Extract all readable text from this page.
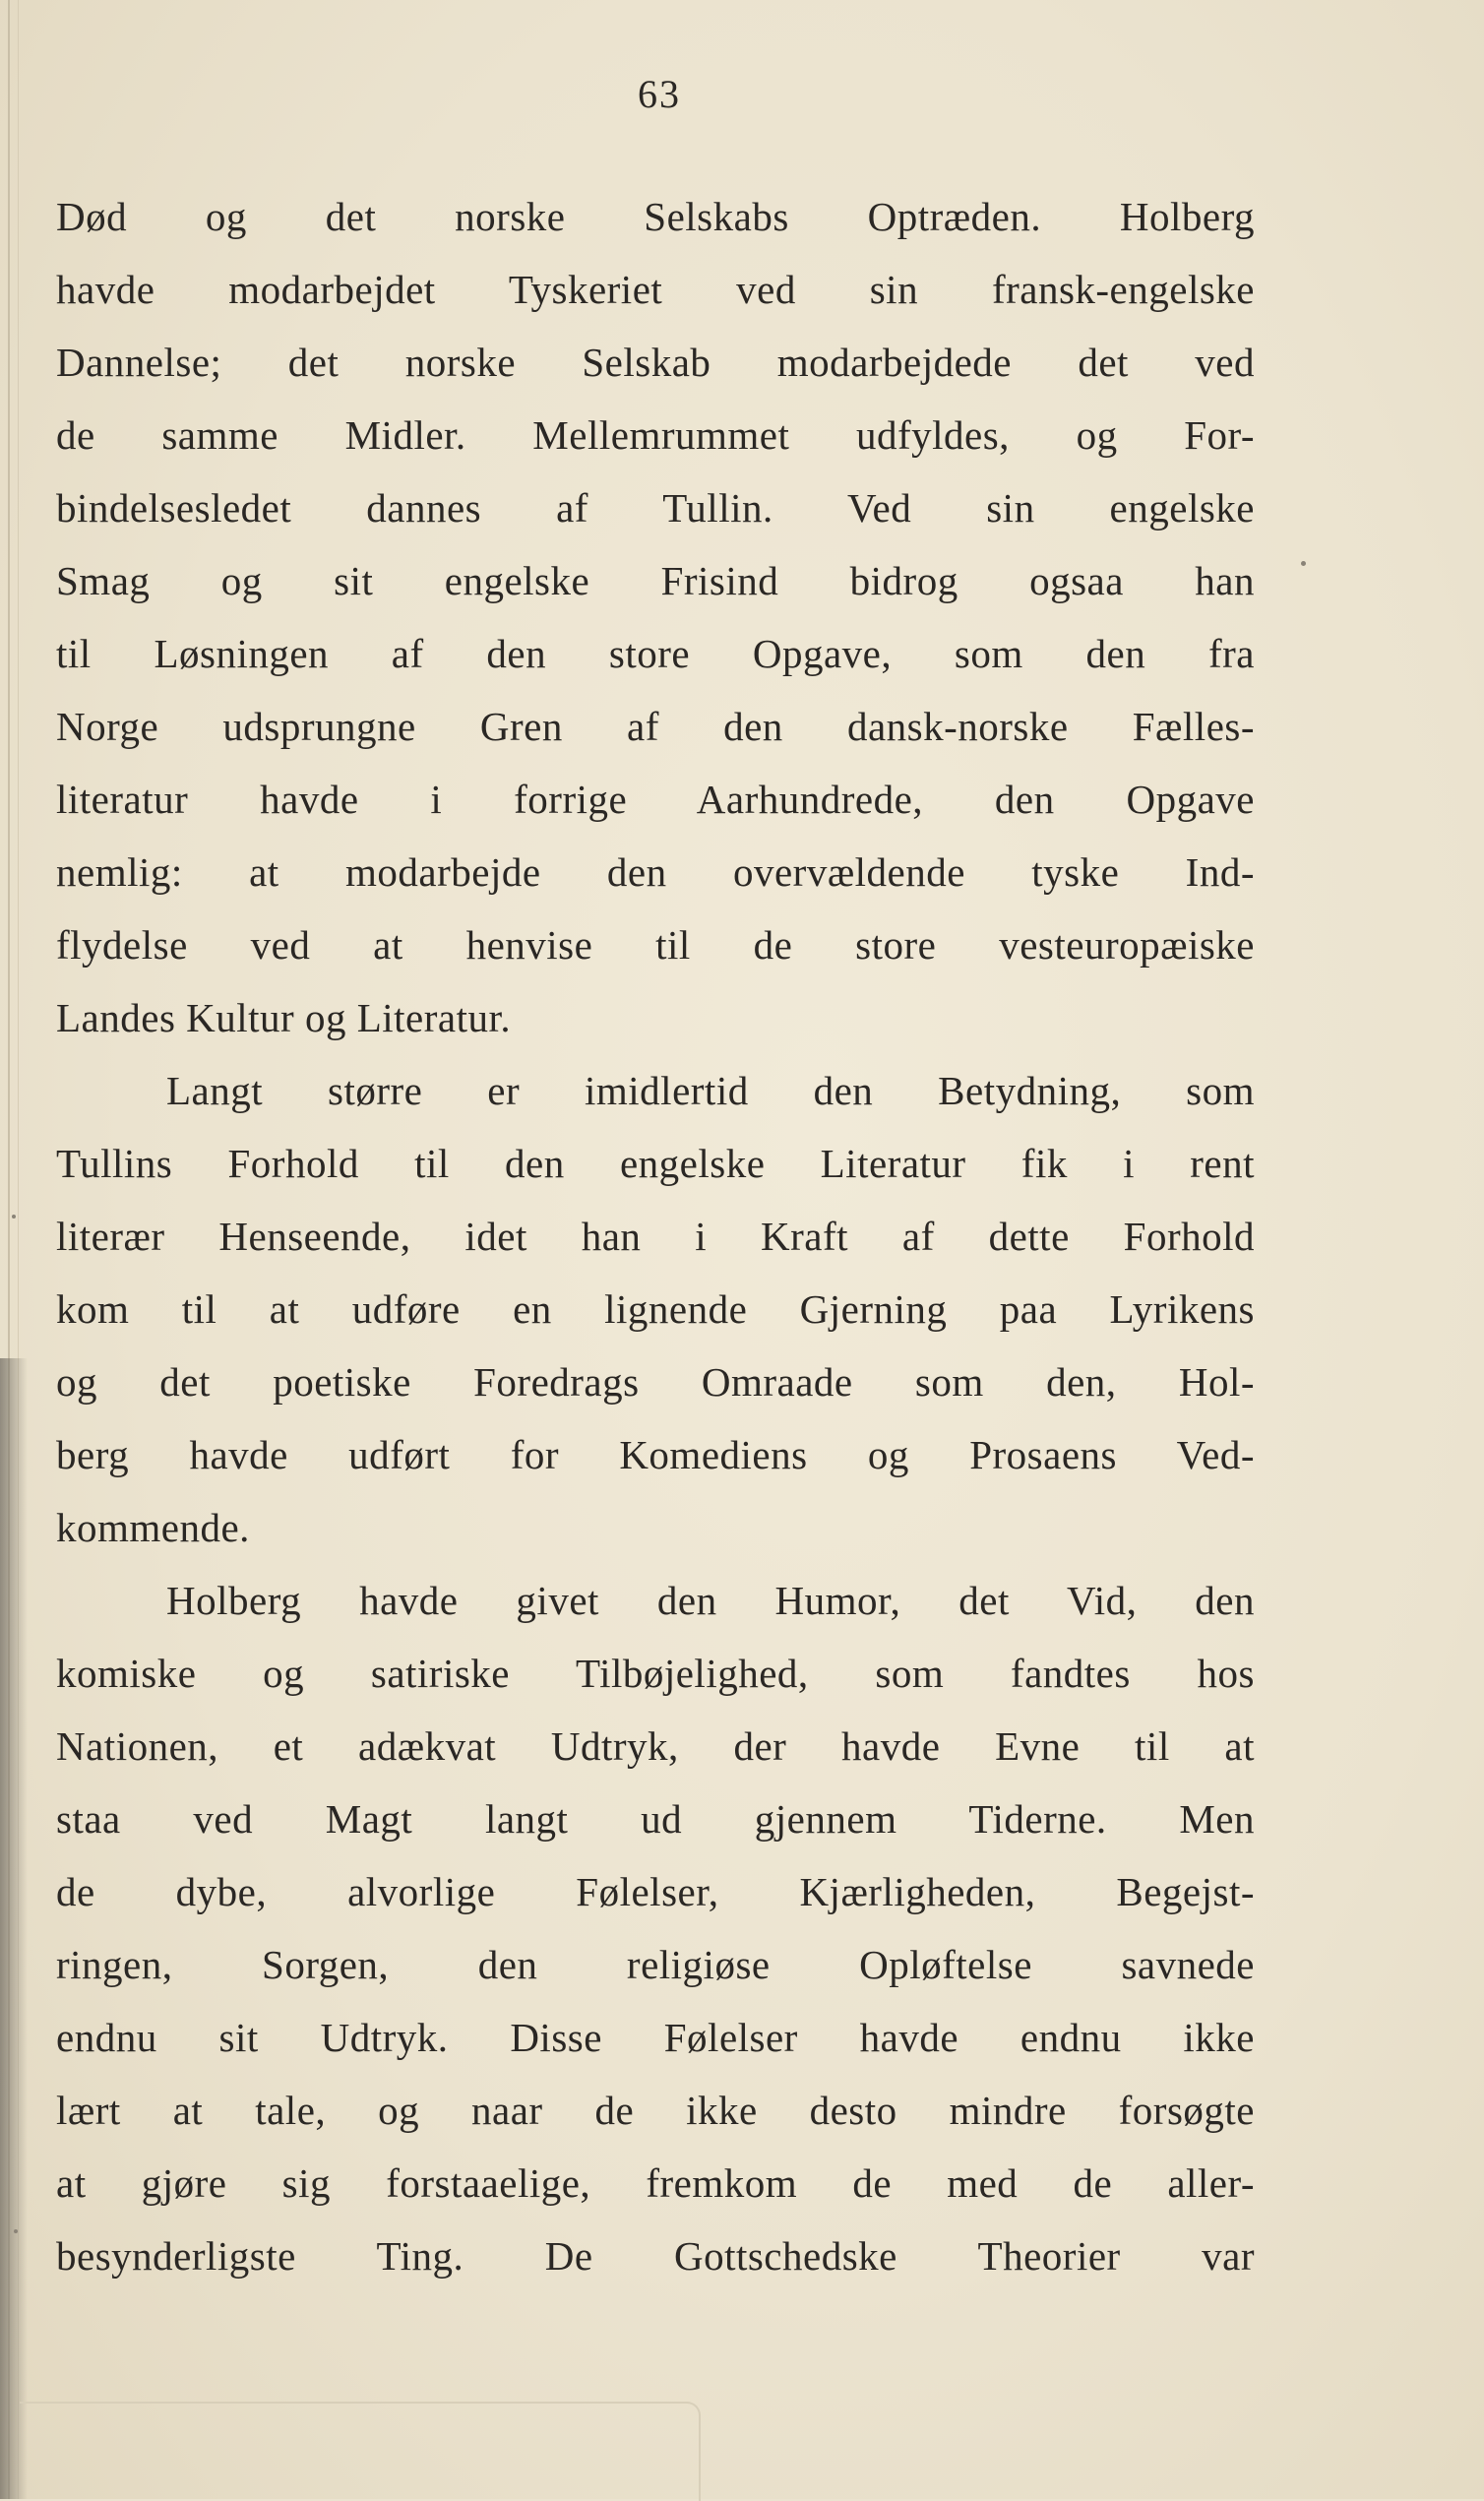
63
Død og det norske Selskabs Optræden. Holberg
havde modarbejdet Tyskeriet ved sin fransk-engelske
Dannelse; det norske Selskab modarbejdede det ved
de samme Midler. Mellemrummet udfyldes, og For-
bindelsesledet dannes af Tullin. Ved sin engelske
Smag og sit engelske Frisind bidrog ogsaa han
til Løsningen af den store Opgave, som den fra
Norge udsprungne Gren af den dansk-norske Fælles-
literatur havde i forrige Aarhundrede, den Opgave
nemlig: at modarbejde den overvældende tyske Ind-
flydelse ved at henvise til de store vesteuropæiske
Landes Kultur og Literatur.
Langt større er imidlertid den Betydning, som
Tullins Forhold til den engelske Literatur fik i rent
literær Henseende, idet han i Kraft af dette Forhold
kom til at udføre en lignende Gjerning paa Lyrikens
og det poetiske Foredrags Omraade som den, Hol-
berg havde udført for Komediens og Prosaens Ved-
kommende.
Holberg havde givet den Humor, det Vid, den
komiske og satiriske Tilbøjelighed, som fandtes hos
Nationen, et adækvat Udtryk, der havde Evne til at
staa ved Magt langt ud gjennem Tiderne. Men
de dybe, alvorlige Følelser, Kjærligheden, Begejst-
ringen, Sorgen, den religiøse Opløftelse savnede
endnu sit Udtryk. Disse Følelser havde endnu ikke
lært at tale, og naar de ikke desto mindre forsøgte
at gjøre sig forstaaelige, fremkom de med de aller-
besynderligste Ting. De Gottschedske Theorier var
